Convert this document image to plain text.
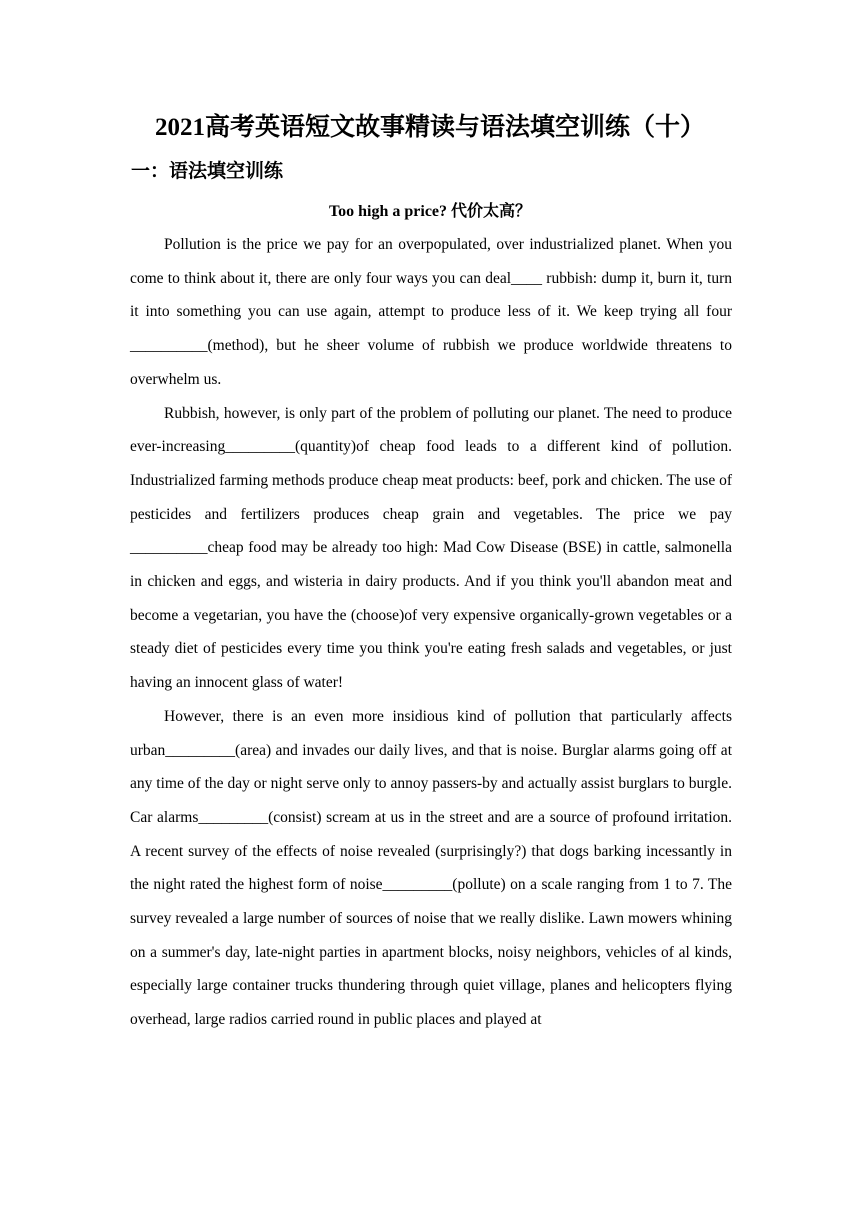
2021高考英语短文故事精读与语法填空训练（十）
一：语法填空训练
Too high a price? 代价太高？

Pollution is the price we pay for an overpopulated, over industrialized planet. When you come to think about it, there are only four ways you can deal____ rubbish: dump it, burn it, turn it into something you can use again, attempt to produce less of it. We keep trying all four __________(method), but he sheer volume of rubbish we produce worldwide threatens to overwhelm us.

Rubbish, however, is only part of the problem of polluting our planet. The need to produce ever-increasing_________(quantity)of cheap food leads to a different kind of pollution. Industrialized farming methods produce cheap meat products: beef, pork and chicken. The use of pesticides and fertilizers produces cheap grain and vegetables. The price we pay __________cheap food may be already too high: Mad Cow Disease (BSE) in cattle, salmonella in chicken and eggs, and wisteria in dairy products. And if you think you'll abandon meat and become a vegetarian, you have the (choose)of very expensive organically-grown vegetables or a steady diet of pesticides every time you think you're eating fresh salads and vegetables, or just having an innocent glass of water!

However, there is an even more insidious kind of pollution that particularly affects urban_________(area) and invades our daily lives, and that is noise. Burglar alarms going off at any time of the day or night serve only to annoy passers-by and actually assist burglars to burgle. Car alarms_________(consist) scream at us in the street and are a source of profound irritation. A recent survey of the effects of noise revealed (surprisingly?) that dogs barking incessantly in the night rated the highest form of noise_________(pollute) on a scale ranging from 1 to 7. The survey revealed a large number of sources of noise that we really dislike. Lawn mowers whining on a summer's day, late-night parties in apartment blocks, noisy neighbors, vehicles of al kinds, especially large container trucks thundering through quiet village, planes and helicopters flying overhead, large radios carried round in public places and played at
